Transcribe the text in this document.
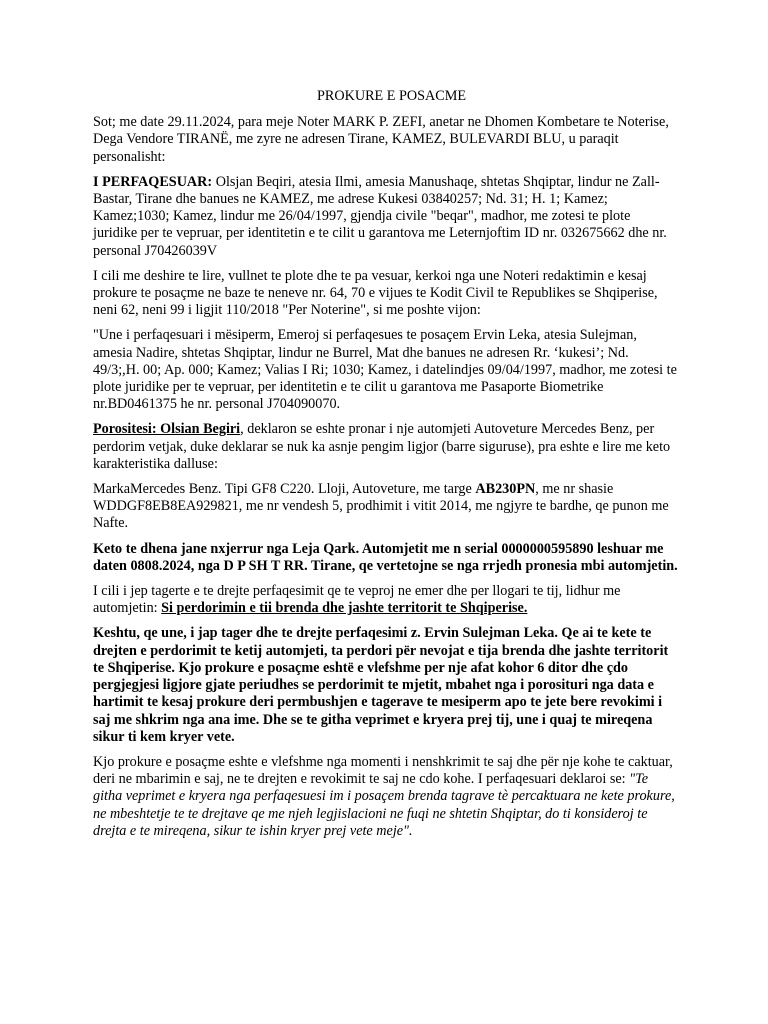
PROKURE E POSACME

Sot; me date 29.11.2024, para meje Noter MARK P. ZEFI, anetar ne Dhomen Kombetare te Noterise, Dega Vendore TIRANË, me zyre ne adresen Tirane, KAMEZ, BULEVARDI BLU, u paraqit personalisht:

I PERFAQESUAR: Olsjan Beqiri, atesia Ilmi, amesia Manushaqe, shtetas Shqiptar, lindur ne Zall-Bastar, Tirane dhe banues ne KAMEZ, me adrese Kukesi 03840257; Nd. 31; H. 1; Kamez; Kamez;1030; Kamez, lindur me 26/04/1997, gjendja civile "beqar", madhor, me zotesi te plote juridike per te vepruar, per identitetin e te cilit u garantova me Leternjoftim ID nr. 032675662 dhe nr. personal J70426039V

I cili me deshire te lire, vullnet te plote dhe te pa vesuar, kerkoi nga une Noteri redaktimin e kesaj prokure te posaçme ne baze te neneve nr. 64, 70 e vijues te Kodit Civil te Republikes se Shqiperise, neni 62, neni 99 i ligjit 110/2018 "Per Noterine", si me poshte vijon:

"Une i perfaqesuari i mësiperm, Emeroj si perfaqesues te posaçem Ervin Leka, atesia Sulejman, amesia Nadire, shtetas Shqiptar, lindur ne Burrel, Mat dhe banues ne adresen Rr. ‘kukesi’; Nd. 49/3;,H. 00; Ap. 000; Kamez; Valias I Ri; 1030; Kamez, i datelindjes 09/04/1997, madhor, me zotesi te plote juridike per te vepruar, per identitetin e te cilit u garantova me Pasaporte Biometrike nr.BD0461375 he nr. personal J704090070.

Porositesi: Olsian Begiri, deklaron se eshte pronar i nje automjeti Autoveture Mercedes Benz, per perdorim vetjak, duke deklarar se nuk ka asnje pengim ligjor (barre siguruse), pra eshte e lire me keto karakteristika dalluse:

MarkaMercedes Benz. Tipi GF8 C220. Lloji, Autoveture, me targe AB230PN, me nr shasie WDDGF8EB8EA929821, me nr vendesh 5, prodhimit i vitit 2014, me ngjyre te bardhe, qe punon me Nafte.

Keto te dhena jane nxjerrur nga Leja Qark. Automjetit me n serial 0000000595890 leshuar me daten 0808.2024, nga D P SH T RR. Tirane, qe vertetojne se nga rrjedh pronesia mbi automjetin.

I cili i jep tagerte e te drejte perfaqesimit qe te veproj ne emer dhe per llogari te tij, lidhur me automjetin: Si perdorimin e tii brenda dhe jashte territorit te Shqiperise.

Keshtu, qe une, i jap tager dhe te drejte perfaqesimi z. Ervin Sulejman Leka. Qe ai te kete te drejten e perdorimit te ketij automjeti, ta perdori për nevojat e tija brenda dhe jashte territorit te Shqiperise. Kjo prokure e posaçme eshtë e vlefshme per nje afat kohor 6 ditor dhe çdo pergjegjesi ligjore gjate periudhes se perdorimit te mjetit, mbahet nga i porosituri nga data e hartimit te kesaj prokure deri permbushjen e tagerave te mesiperm apo te jete bere revokimi i saj me shkrim nga ana ime. Dhe se te githa veprimet e kryera prej tij, une i quaj te mireqena sikur ti kem kryer vete.

Kjo prokure e posaçme eshte e vlefshme nga momenti i nenshkrimit te saj dhe për nje kohe te caktuar, deri ne mbarimin e saj, ne te drejten e revokimit te saj ne cdo kohe. I perfaqesuari deklaroi se: "Te githa veprimet e kryera nga perfaqesuesi im i posaçem brenda tagrave tè percaktuara ne kete prokure, ne mbeshtetje te te drejtave qe me njeh legjislacioni ne fuqi ne shtetin Shqiptar, do ti konsideroj te drejta e te mireqena, sikur te ishin kryer prej vete meje".
